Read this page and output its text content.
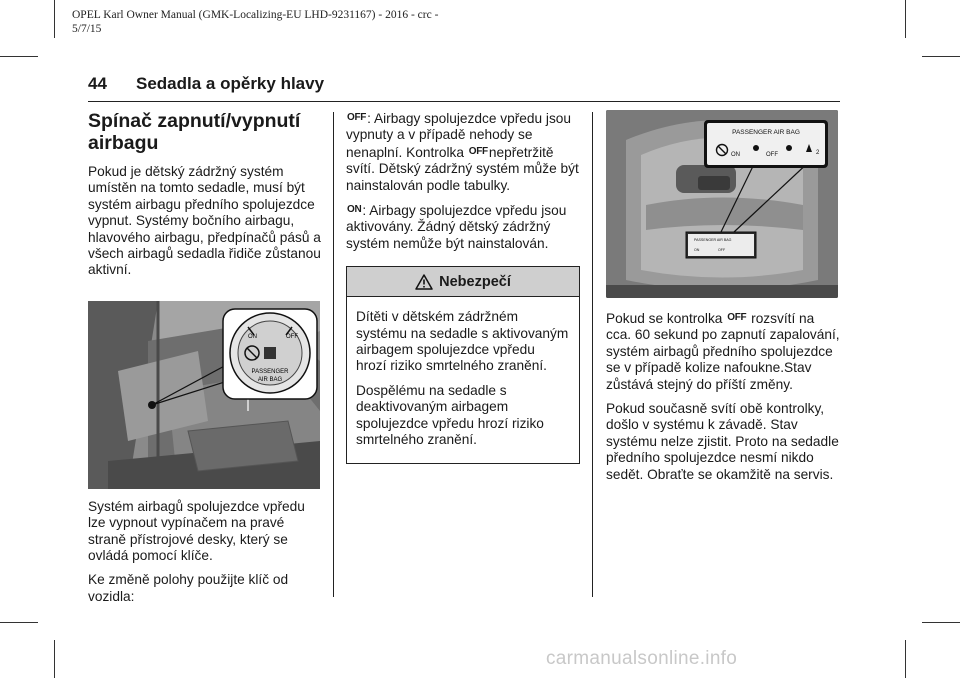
OPEL Karl Owner Manual (GMK-Localizing-EU LHD-9231167) - 2016 - crc -
5/7/15
44 Sedadla a opěrky hlavy
Spínač zapnutí/vypnutí airbagu

Pokud je dětský zádržný systém umístěn na tomto sedadle, musí být systém airbagu předního spolujezdce vypnut. Systémy bočního airbagu, hlavového airbagu, předpínačů pásů a všech airbagů sedadla řidiče zůstanou aktivní.

ON	OFF
PASSENGER
AIR BAG

Systém airbagů spolujezdce vpředu lze vypnout vypínačem na pravé straně přístrojové desky, který se ovládá pomocí klíče.

Ke změně polohy použijte klíč od vozidla:

OFF: Airbagy spolujezdce vpředu jsou vypnuty a v případě nehody se nenaplní. Kontrolka OFFnepřetržitě svítí. Dětský zádržný systém může být nainstalován podle tabulky.

ON: Airbagy spolujezdce vpředu jsou aktivovány. Žádný dětský zádržný systém nemůže být nainstalován.

Nebezpečí

Dítěti v dětském zádržném systému na sedadle s aktivovaným airbagem spolujezdce vpředu hrozí riziko smrtelného zranění.

Dospělému na sedadle s deaktivovaným airbagem spolujezdce vpředu hrozí riziko smrtelného zranění.

PASSENGER AIR BAG
ON	OFF	2
PASSENGER AIR BAG
ON	OFF

Pokud se kontrolka OFF rozsvítí na cca. 60 sekund po zapnutí zapalování, systém airbagů předního spolujezdce se v případě kolize nafoukne.Stav zůstává stejný do příští změny.

Pokud současně svítí obě kontrolky, došlo v systému k závadě. Stav systému nelze zjistit. Proto na sedadle předního spolujezdce nesmí nikdo sedět. Obraťte se okamžitě na servis.

carmanualsonline.info
